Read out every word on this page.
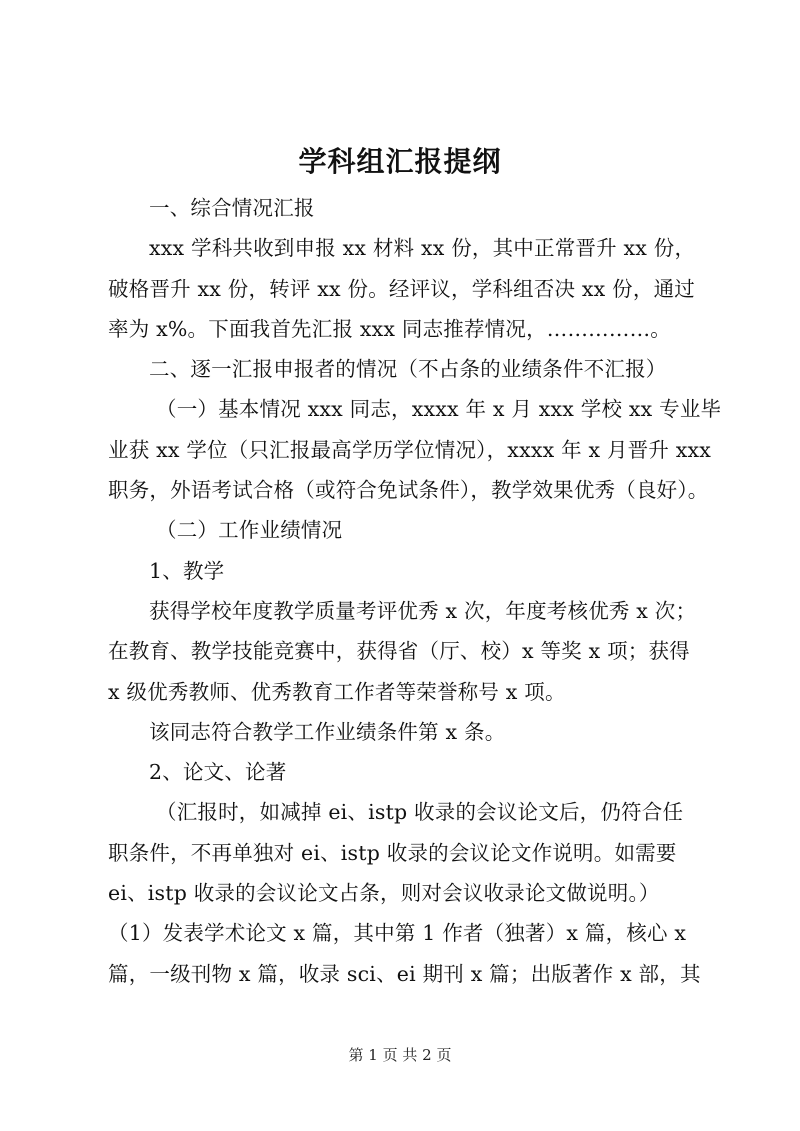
学科组汇报提纲
一、综合情况汇报
xxx 学科共收到申报 xx 材料 xx 份，其中正常晋升 xx 份，
破格晋升 xx 份，转评 xx 份。经评议，学科组否决 xx 份，通过
率为 x%。下面我首先汇报 xxx 同志推荐情况，……………。
二、逐一汇报申报者的情况（不占条的业绩条件不汇报）
（一）基本情况 xxx 同志，xxxx 年 x 月 xxx 学校 xx 专业毕
业获 xx 学位（只汇报最高学历学位情况），xxxx 年 x 月晋升 xxx
职务，外语考试合格（或符合免试条件），教学效果优秀（良好）。
（二）工作业绩情况
1、教学
获得学校年度教学质量考评优秀 x 次，年度考核优秀 x 次；
在教育、教学技能竞赛中，获得省（厅、校）x 等奖 x 项；获得
x 级优秀教师、优秀教育工作者等荣誉称号 x 项。
该同志符合教学工作业绩条件第 x 条。
2、论文、论著
（汇报时，如减掉 ei、istp 收录的会议论文后，仍符合任
职条件，不再单独对 ei、istp 收录的会议论文作说明。如需要
ei、istp 收录的会议论文占条，则对会议收录论文做说明。）
（1）发表学术论文 x 篇，其中第 1 作者（独著）x 篇，核心 x
篇，一级刊物 x 篇，收录 sci、ei 期刊 x 篇；出版著作 x 部，其
第 1 页 共 2 页
